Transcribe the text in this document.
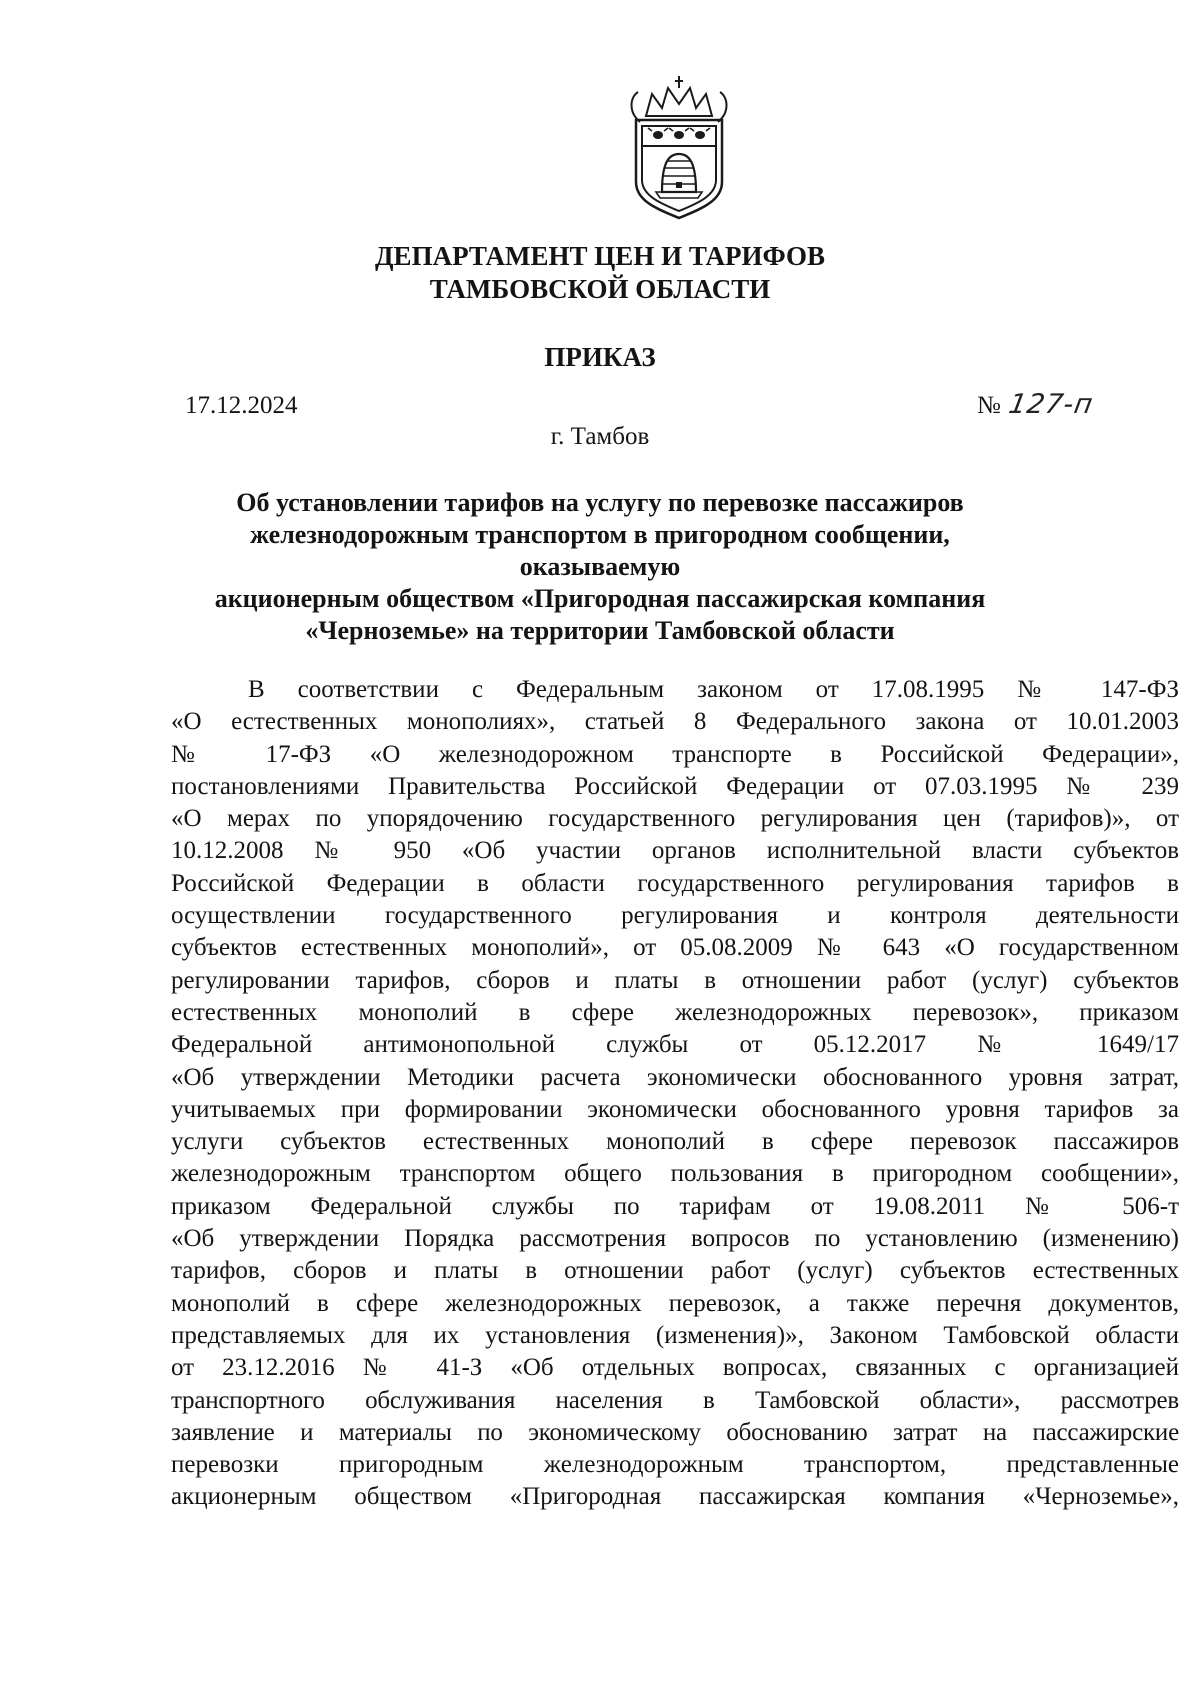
ДЕПАРТАМЕНТ ЦЕН И ТАРИФОВ
ТАМБОВСКОЙ ОБЛАСТИ
ПРИКАЗ
17.12.2024	№ 127-п
г. Тамбов
Об установлении тарифов на услугу по перевозке пассажиров
железнодорожным транспортом в пригородном сообщении, оказываемую
акционерным обществом «Пригородная пассажирская компания
«Черноземье» на территории Тамбовской области
В соответствии с Федеральным законом от 17.08.1995 № 147-ФЗ
«О естественных монополиях», статьей 8 Федерального закона от 10.01.2003
№ 17-ФЗ «О железнодорожном транспорте в Российской Федерации»,
постановлениями Правительства Российской Федерации от 07.03.1995 № 239
«О мерах по упорядочению государственного регулирования цен (тарифов)», от
10.12.2008 № 950 «Об участии органов исполнительной власти субъектов
Российской Федерации в области государственного регулирования тарифов в
осуществлении государственного регулирования и контроля деятельности
субъектов естественных монополий», от 05.08.2009 № 643 «О государственном
регулировании тарифов, сборов и платы в отношении работ (услуг) субъектов
естественных монополий в сфере железнодорожных перевозок», приказом
Федеральной антимонопольной службы от 05.12.2017 № 1649/17
«Об утверждении Методики расчета экономически обоснованного уровня затрат,
учитываемых при формировании экономически обоснованного уровня тарифов за
услуги субъектов естественных монополий в сфере перевозок пассажиров
железнодорожным транспортом общего пользования в пригородном сообщении»,
приказом Федеральной службы по тарифам от 19.08.2011 № 506-т
«Об утверждении Порядка рассмотрения вопросов по установлению (изменению)
тарифов, сборов и платы в отношении работ (услуг) субъектов естественных
монополий в сфере железнодорожных перевозок, а также перечня документов,
представляемых для их установления (изменения)», Законом Тамбовской области
от 23.12.2016 № 41-З «Об отдельных вопросах, связанных с организацией
транспортного обслуживания населения в Тамбовской области», рассмотрев
заявление и материалы по экономическому обоснованию затрат на пассажирские
перевозки пригородным железнодорожным транспортом, представленные
акционерным обществом «Пригородная пассажирская компания «Черноземье»,
